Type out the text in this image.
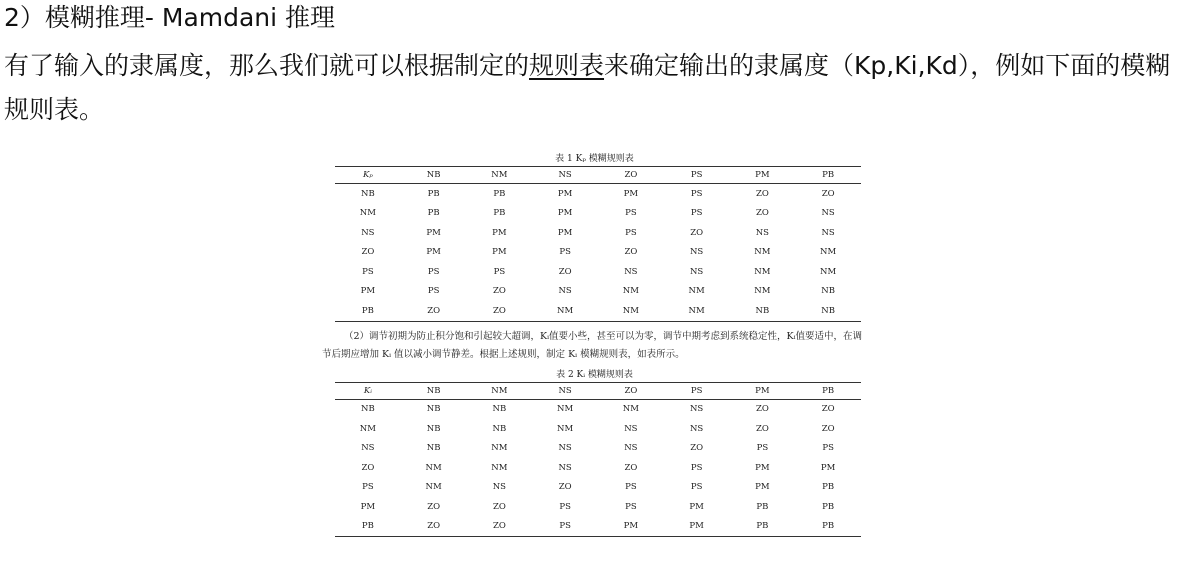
2）模糊推理- Mamdani 推理
有了输入的隶属度，那么我们就可以根据制定的规则表来确定输出的隶属度（Kp,Ki,Kd），例如下面的模糊规则表。
表 1 Kₚ 模糊规则表
Kₚ	NB	NM	NS	ZO	PS	PM	PB
NB	PB	PB	PM	PM	PS	ZO	ZO
NM	PB	PB	PM	PS	PS	ZO	NS
NS	PM	PM	PM	PS	ZO	NS	NS
ZO	PM	PM	PS	ZO	NS	NM	NM
PS	PS	PS	ZO	NS	NS	NM	NM
PM	PS	ZO	NS	NM	NM	NM	NB
PB	ZO	ZO	NM	NM	NM	NB	NB
（2）调节初期为防止积分饱和引起较大超调，Kᵢ值要小些，甚至可以为零，调节中期考虑到系统稳定性，Kᵢ值要适中，在调节后期应增加 Kᵢ 值以减小调节静差。根据上述规则，制定 Kᵢ 模糊规则表，如表所示。
表 2 Kᵢ 模糊规则表
Kᵢ	NB	NM	NS	ZO	PS	PM	PB
NB	NB	NB	NM	NM	NS	ZO	ZO
NM	NB	NB	NM	NS	NS	ZO	ZO
NS	NB	NM	NS	NS	ZO	PS	PS
ZO	NM	NM	NS	ZO	PS	PM	PM
PS	NM	NS	ZO	PS	PS	PM	PB
PM	ZO	ZO	PS	PS	PM	PB	PB
PB	ZO	ZO	PS	PM	PM	PB	PB
